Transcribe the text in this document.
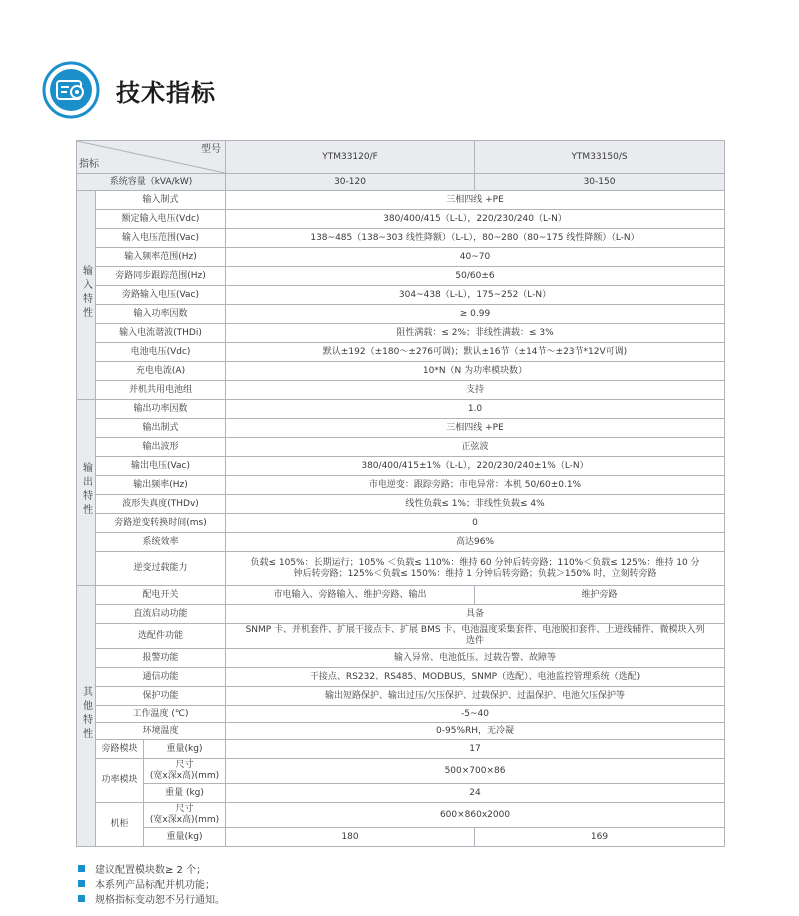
技术指标
型号
指标			YTM33120/F	YTM33150/S
系统容量（kVA/kW)			30-120	30-150
输入特性	输入制式		三相四线 +PE	
	额定输入电压(Vdc)		380/400/415（L-L），220/230/240（L-N）	
	输入电压范围(Vac)		138~485（138~303 线性降额）（L-L），80~280（80~175 线性降额）（L-N）	
	输入频率范围(Hz)		40~70	
	旁路同步跟踪范围(Hz)		50/60±6	
	旁路输入电压(Vac)		304~438（L-L），175~252（L-N）	
	输入功率因数		≥ 0.99	
	输入电流谐波(THDi)		阻性满载：≤ 2%；非线性满载：≤ 3%	
	电池电压(Vdc)		默认±192（±180～±276可调)；默认±16节（±14节～±23节*12V可调)	
	充电电流(A)		10*N（N 为功率模块数）	
	并机共用电池组		支持	
输出特性	输出功率因数		1.0	
	输出制式		三相四线 +PE	
	输出波形		正弦波	
	输出电压(Vac)		380/400/415±1%（L-L），220/230/240±1%（L-N）	
	输出频率(Hz)		市电逆变：跟踪旁路；市电异常：本机 50/60±0.1%	
	波形失真度(THDv)		线性负载≤ 1%；非线性负载≤ 4%	
	旁路逆变转换时间(ms)		0	
	系统效率		高达96%	
	逆变过载能力		负载≤ 105%：长期运行；105% ＜负载≤ 110%：维持 60 分钟后转旁路；110%＜负载≤ 125%：维持 10 分
钟后转旁路；125%＜负载≤ 150%：维持 1 分钟后转旁路；负载＞150% 时，立刻转旁路	

其他特性	配电开关		市电输入、旁路输入、维护旁路、输出	维护旁路
	直流启动功能		具备	
	选配件功能		SNMP 卡、并机套件、扩展干接点卡、扩展 BMS 卡、电池温度采集套件、电池脱扣套件、上进线辅件、微模块入列选件	
	报警功能		输入异常、电池低压、过载告警、故障等	
	通信功能		干接点、RS232、RS485、MODBUS，SNMP（选配）、电池监控管理系统（选配)	
	保护功能		输出短路保护、输出过压/欠压保护、过载保护、过温保护、电池欠压保护等	
	工作温度 (℃)		-5~40	
	环境温度		0-95%RH，无冷凝	
	旁路模块	重量(kg)	17	
	功率模块	尺寸
(宽x深x高)(mm)	500×700×86	
		重量 (kg)	24	
	机柜	尺寸
(宽x深x高)(mm)	600×860x2000	
		重量(kg)	180	169
建议配置模块数≥ 2 个；
本系列产品标配并机功能；
规格指标变动恕不另行通知。
